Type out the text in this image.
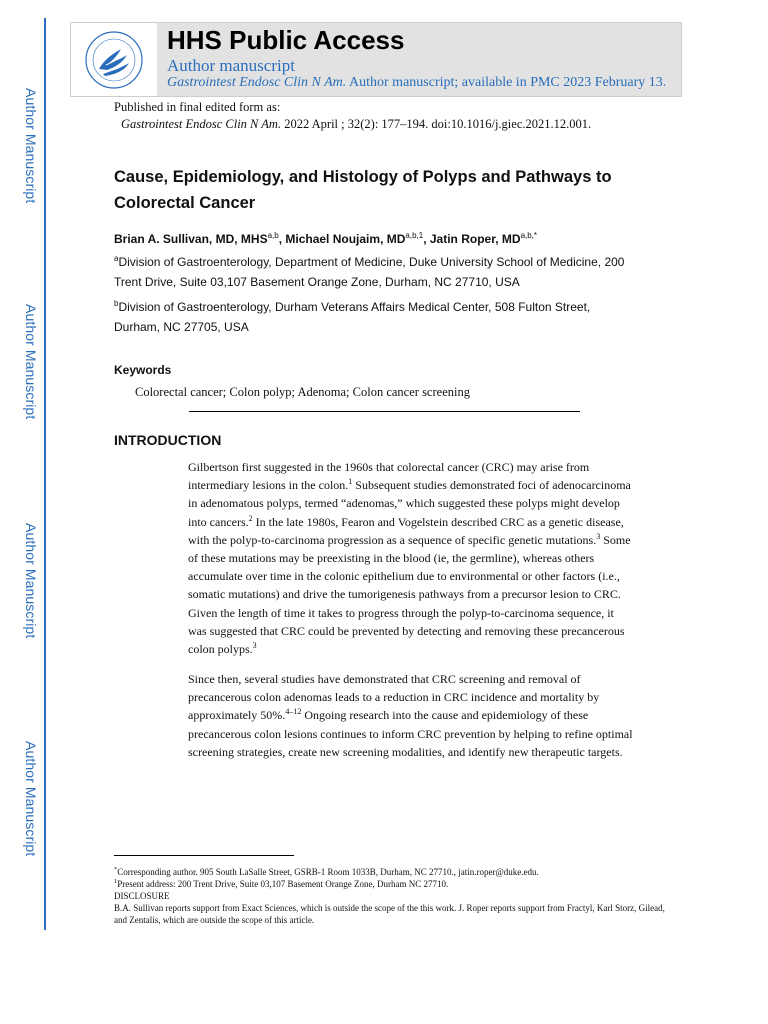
Author Manuscript
Author Manuscript
Author Manuscript
Author Manuscript
HHS Public Access
Author manuscript
Gastrointest Endosc Clin N Am. Author manuscript; available in PMC 2023 February 13.
Published in final edited form as:
Gastrointest Endosc Clin N Am. 2022 April ; 32(2): 177–194. doi:10.1016/j.giec.2021.12.001.
Cause, Epidemiology, and Histology of Polyps and Pathways to Colorectal Cancer
Brian A. Sullivan, MD, MHS$^{a,b}$, Michael Noujaim, MD$^{a,b,1}$, Jatin Roper, $MD^{a,b,*}$
$^a$Division of Gastroenterology, Department of Medicine, Duke University School of Medicine, 200
Trent Drive, Suite 03,107 Basement Orange Zone, Durham, NC 27710, USA
$^b$Division of Gastroenterology, Durham Veterans Affairs Medical Center, 508 Fulton Street,
Durham, NC 27705, USA
Keywords
Colorectal cancer; Colon polyp; Adenoma; Colon cancer screening
INTRODUCTION

Gilbertson first suggested in the 1960s that colorectal cancer (CRC) may arise from

intermediary lesions in the colon.$^1$ Subsequent studies demonstrated foci of adenocarcinoma

in adenomatous polyps, termed “adenomas,” which suggested these polyps might develop

into cancers.$^2$ In the late 1980s, Fearon and Vogelstein described CRC as a genetic disease,

with the polyp-to-carcinoma progression as a sequence of specific genetic mutations.$^3$ Some

of these mutations may be preexisting in the blood (ie, the germline), whereas others

accumulate over time in the colonic epithelium due to environmental or other factors (i.e.,

somatic mutations) and drive the tumorigenesis pathways from a precursor lesion to CRC.

Given the length of time it takes to progress through the polyp-to-carcinoma sequence, it

was suggested that CRC could be prevented by detecting and removing these precancerous

colon polyps.$^3$

Since then, several studies have demonstrated that CRC screening and removal of

precancerous colon adenomas leads to a reduction in CRC incidence and mortality by

approximately 50%.$^{4-12}$ Ongoing research into the cause and epidemiology of these

precancerous colon lesions continues to inform CRC prevention by helping to refine optimal

screening strategies, create new screening modalities, and identify new therapeutic targets.

*Corresponding author. 905 South LaSalle Street, GSRB-1 Room 1033B, Durham, NC 27710., jatin.roper@duke.edu.

$^1$Present address: 200 Trent Drive, Suite 03,107 Basement Orange Zone, Durham NC 27710.

DISCLOSURE

B.A. Sullivan reports support from Exact Sciences, which is outside the scope of the this work. J. Roper reports support from Fractyl, Karl Storz, Gilead, and Zentalis, which are outside the scope of this article.
